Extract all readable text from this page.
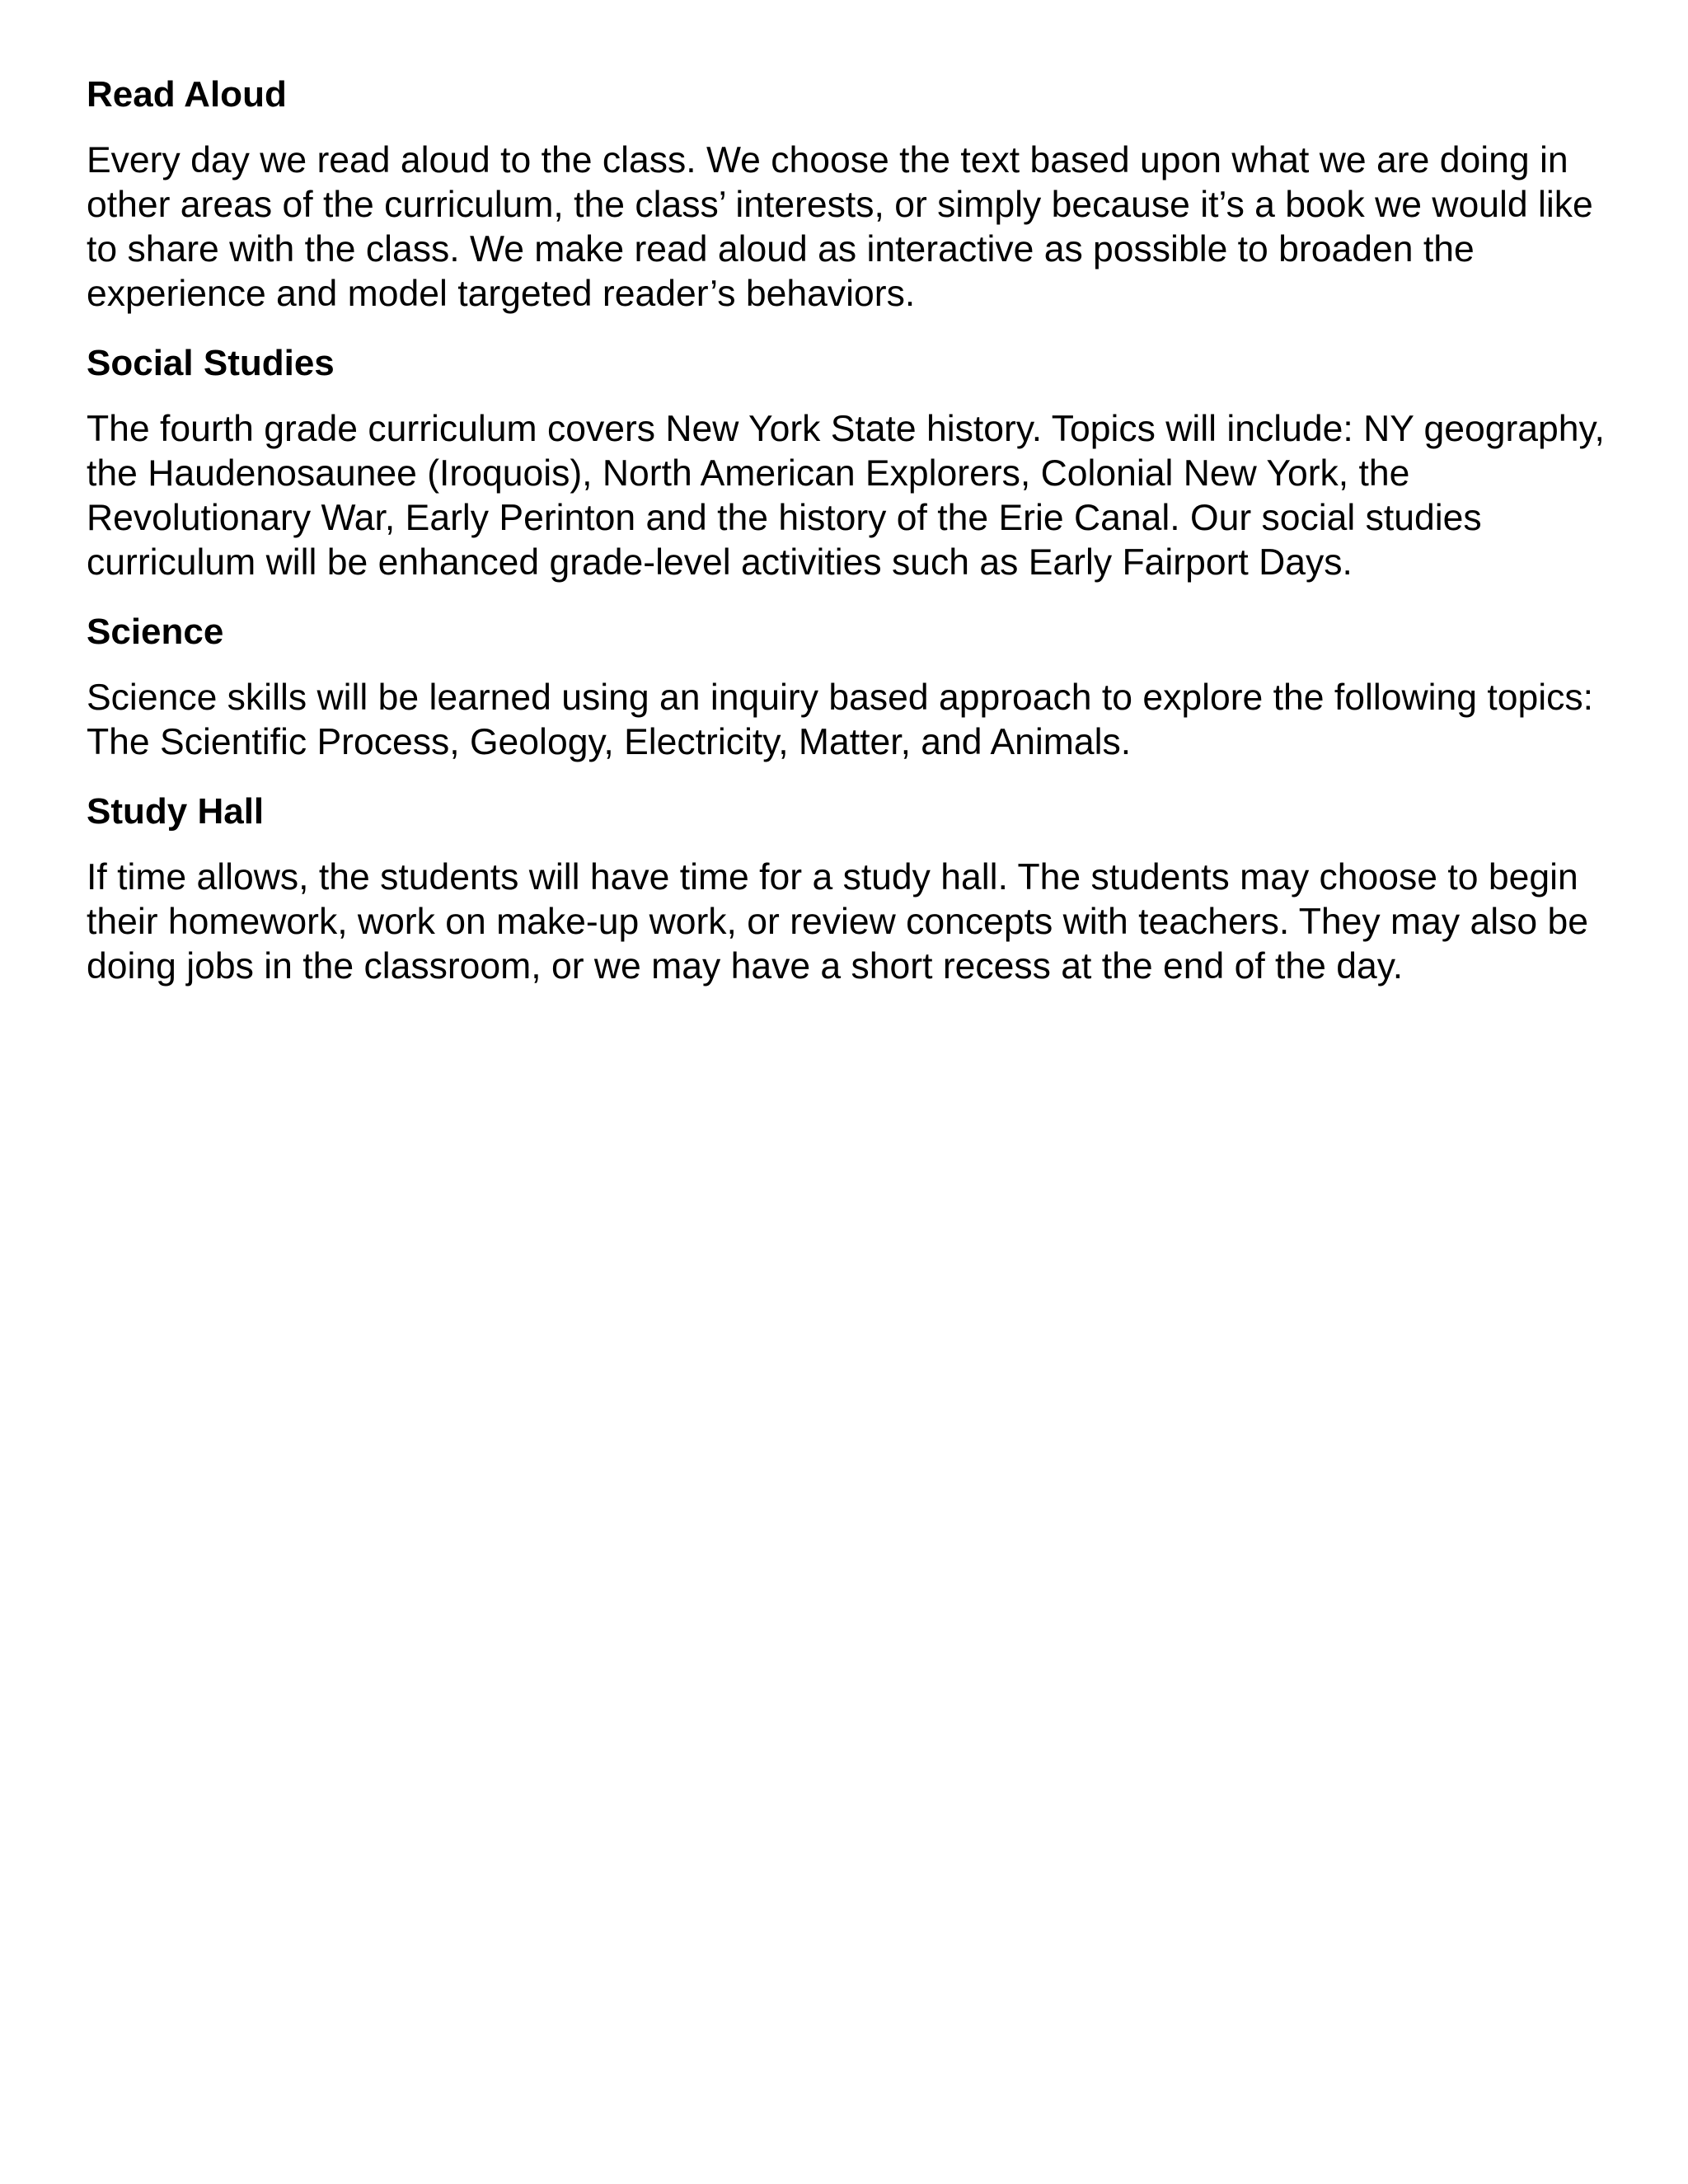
Read Aloud
Every day we read aloud to the class. We choose the text based upon what we are doing in other areas of the curriculum, the class’ interests, or simply because it’s a book we would like to share with the class. We make read aloud as interactive as possible to broaden the experience and model targeted reader’s behaviors.
Social Studies
The fourth grade curriculum covers New York State history. Topics will include: NY geography, the Haudenosaunee (Iroquois), North American Explorers, Colonial New York, the Revolutionary War, Early Perinton and the history of the Erie Canal. Our social studies curriculum will be enhanced grade-level activities such as Early Fairport Days.
Science
Science skills will be learned using an inquiry based approach to explore the following topics: The Scientific Process, Geology, Electricity, Matter, and Animals.
Study Hall
If time allows, the students will have time for a study hall. The students may choose to begin their homework, work on make-up work, or review concepts with teachers. They may also be doing jobs in the classroom, or we may have a short recess at the end of the day.
